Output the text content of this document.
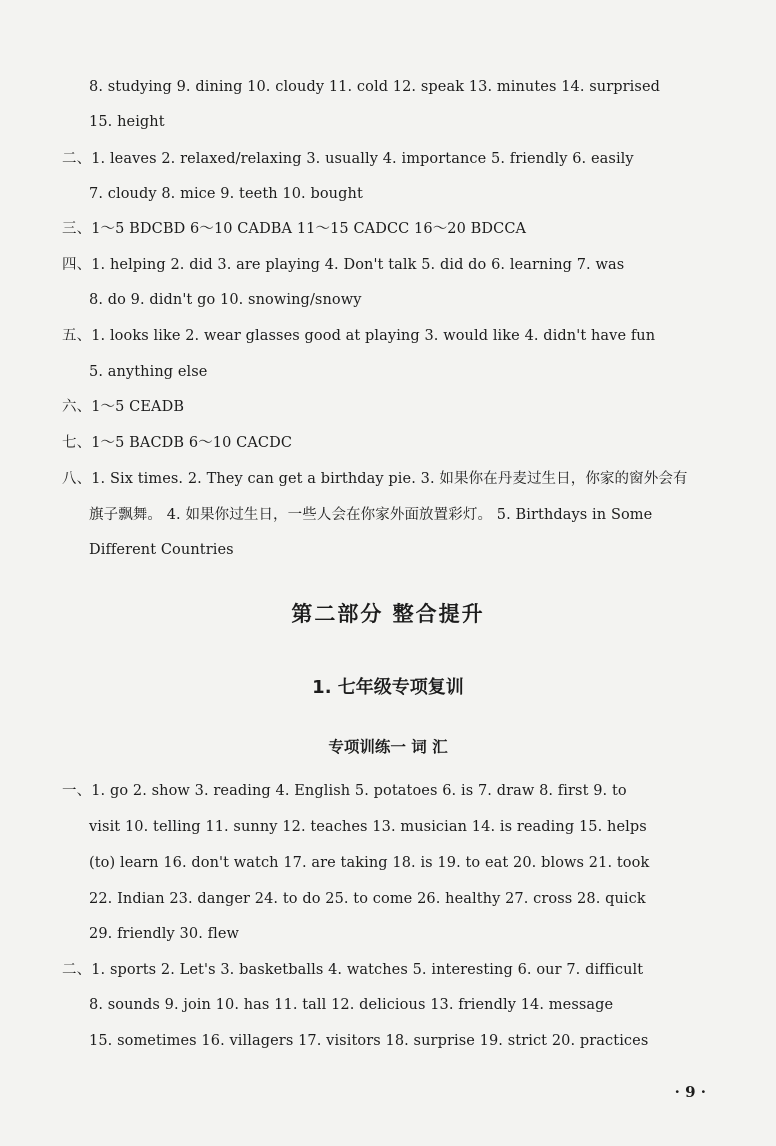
8. studying 9. dining 10. cloudy 11. cold 12. speak 13. minutes 14. surprised
15. height
二、1. leaves 2. relaxed/relaxing 3. usually 4. importance 5. friendly 6. easily
7. cloudy 8. mice 9. teeth 10. bought
三、1～5 BDCBD 6～10 CADBA 11～15 CADCC 16～20 BDCCA
四、1. helping 2. did 3. are playing 4. Don't talk 5. did do 6. learning 7. was
8. do 9. didn't go 10. snowing/snowy
五、1. looks like 2. wear glasses good at playing 3. would like 4. didn't have fun
5. anything else
六、1～5 CEADB
七、1～5 BACDB 6～10 CACDC
八、1. Six times. 2. They can get a birthday pie. 3. 如果你在丹麦过生日，你家的窗外会有
旗子飘舞。 4. 如果你过生日，一些人会在你家外面放置彩灯。 5. Birthdays in Some
Different Countries
第二部分 整合提升
1. 七年级专项复训
专项训练一 词 汇
一、1. go 2. show 3. reading 4. English 5. potatoes 6. is 7. draw 8. first 9. to
visit 10. telling 11. sunny 12. teaches 13. musician 14. is reading 15. helps
(to) learn 16. don't watch 17. are taking 18. is 19. to eat 20. blows 21. took
22. Indian 23. danger 24. to do 25. to come 26. healthy 27. cross 28. quick
29. friendly 30. flew
二、1. sports 2. Let's 3. basketballs 4. watches 5. interesting 6. our 7. difficult
8. sounds 9. join 10. has 11. tall 12. delicious 13. friendly 14. message
15. sometimes 16. villagers 17. visitors 18. surprise 19. strict 20. practices
· 9 ·
